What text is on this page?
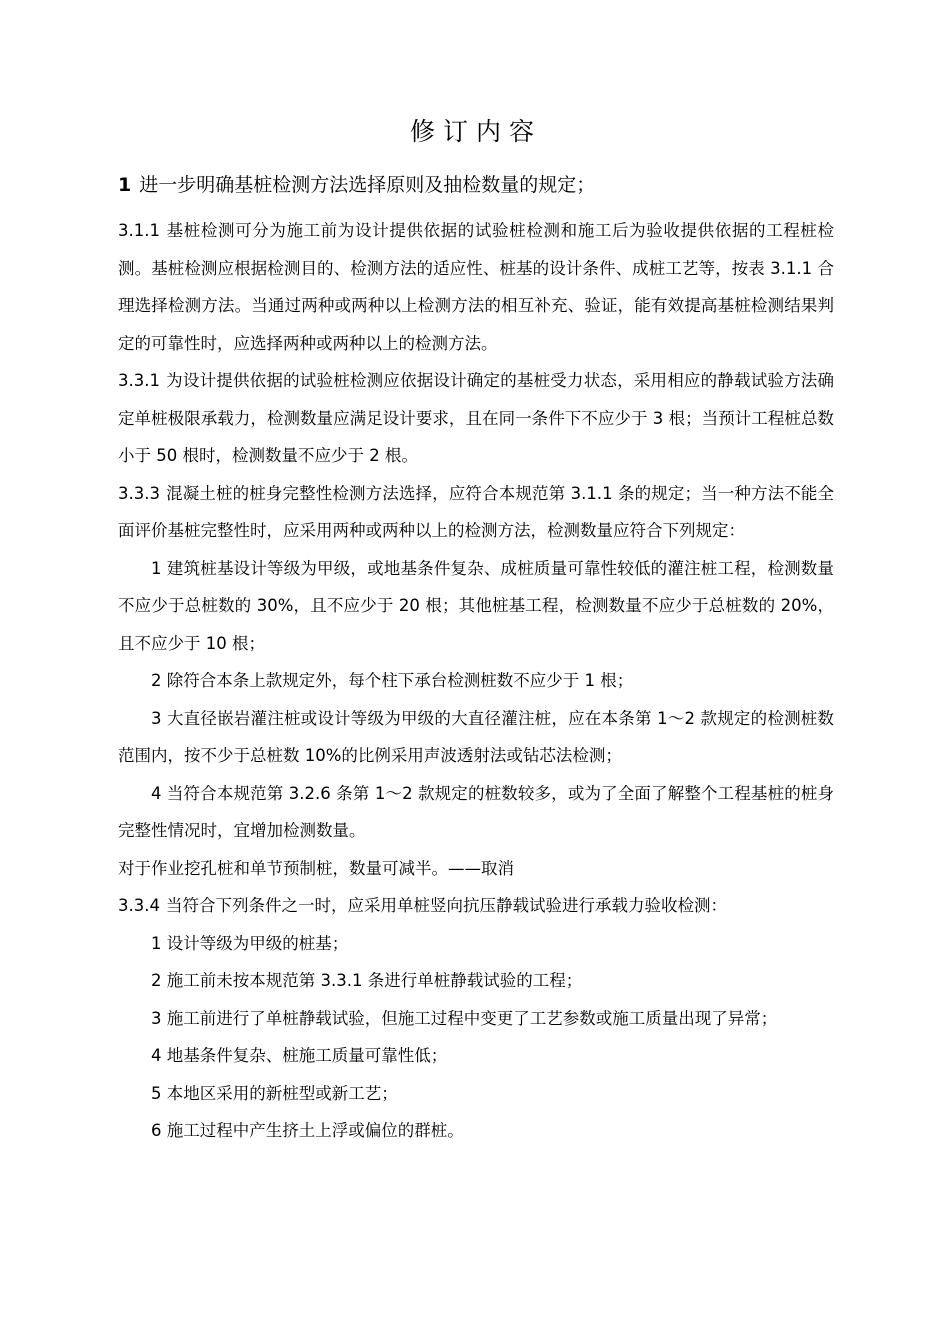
修订内容
1 进一步明确基桩检测方法选择原则及抽检数量的规定；

3.1.1 基桩检测可分为施工前为设计提供依据的试验桩检测和施工后为验收提供依据的工程桩检测。基桩检测应根据检测目的、检测方法的适应性、桩基的设计条件、成桩工艺等，按表 3.1.1 合理选择检测方法。当通过两种或两种以上检测方法的相互补充、验证，能有效提高基桩检测结果判定的可靠性时，应选择两种或两种以上的检测方法。

3.3.1 为设计提供依据的试验桩检测应依据设计确定的基桩受力状态，采用相应的静载试验方法确定单桩极限承载力，检测数量应满足设计要求，且在同一条件下不应少于 3 根；当预计工程桩总数小于 50 根时，检测数量不应少于 2 根。

3.3.3 混凝土桩的桩身完整性检测方法选择，应符合本规范第 3.1.1 条的规定；当一种方法不能全面评价基桩完整性时，应采用两种或两种以上的检测方法，检测数量应符合下列规定：

1 建筑桩基设计等级为甲级，或地基条件复杂、成桩质量可靠性较低的灌注桩工程，检测数量不应少于总桩数的 30%，且不应少于 20 根；其他桩基工程，检测数量不应少于总桩数的 20%，且不应少于 10 根；

2 除符合本条上款规定外，每个柱下承台检测桩数不应少于 1 根；

3 大直径嵌岩灌注桩或设计等级为甲级的大直径灌注桩，应在本条第 1～2 款规定的检测桩数范围内，按不少于总桩数 10%的比例采用声波透射法或钻芯法检测；

4 当符合本规范第 3.2.6 条第 1～2 款规定的桩数较多，或为了全面了解整个工程基桩的桩身完整性情况时，宜增加检测数量。

对于作业挖孔桩和单节预制桩，数量可减半。——取消

3.3.4 当符合下列条件之一时，应采用单桩竖向抗压静载试验进行承载力验收检测：

1 设计等级为甲级的桩基；

2 施工前未按本规范第 3.3.1 条进行单桩静载试验的工程；

3 施工前进行了单桩静载试验，但施工过程中变更了工艺参数或施工质量出现了异常；

4 地基条件复杂、桩施工质量可靠性低；

5 本地区采用的新桩型或新工艺；

6 施工过程中产生挤土上浮或偏位的群桩。
